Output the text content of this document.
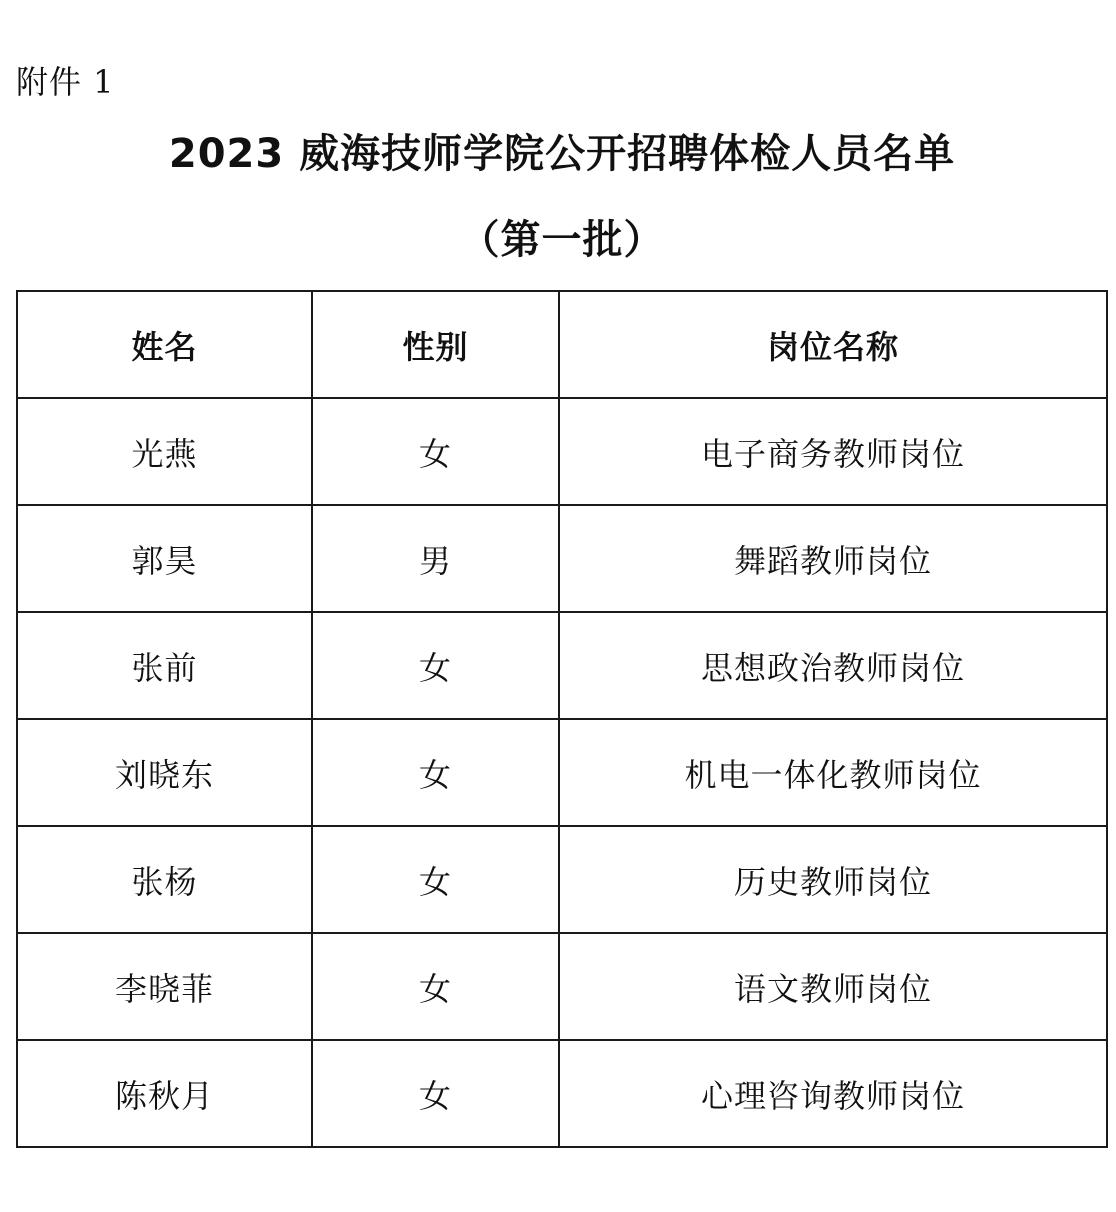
附件 1
2023 威海技师学院公开招聘体检人员名单
（第一批）
姓名	性别	岗位名称
光燕	女	电子商务教师岗位
郭昊	男	舞蹈教师岗位
张前	女	思想政治教师岗位
刘晓东	女	机电一体化教师岗位
张杨	女	历史教师岗位
李晓菲	女	语文教师岗位
陈秋月	女	心理咨询教师岗位
